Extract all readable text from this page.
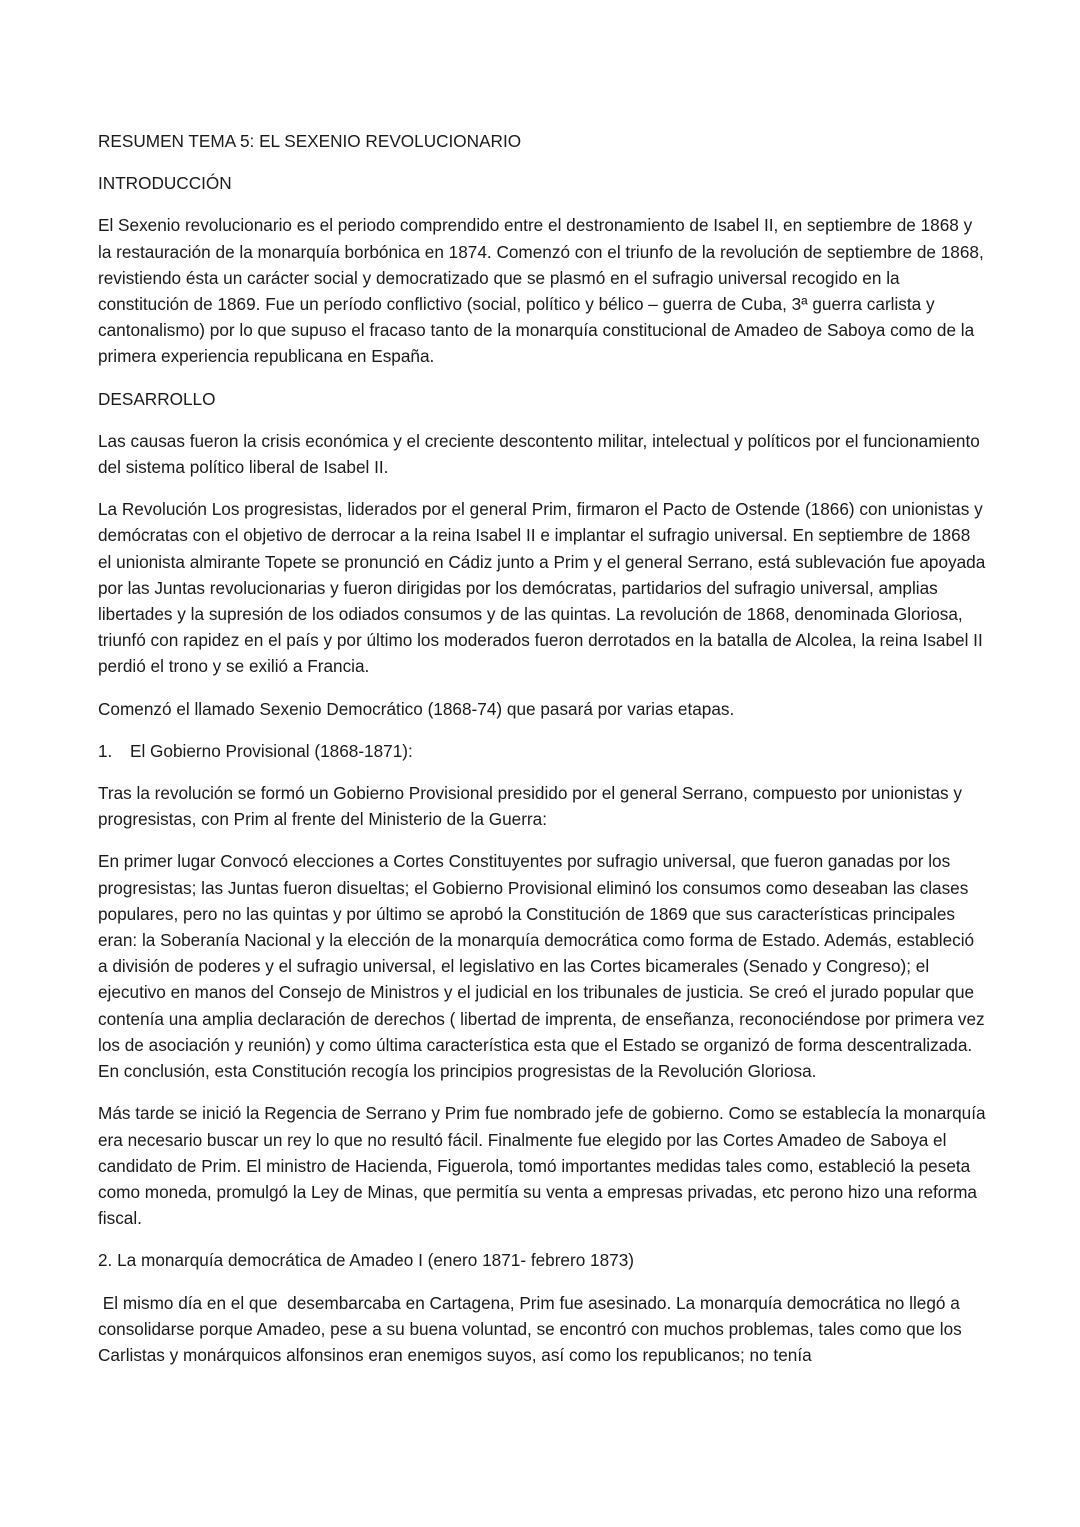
RESUMEN TEMA 5: EL SEXENIO REVOLUCIONARIO

INTRODUCCIÓN

El Sexenio revolucionario es el periodo comprendido entre el destronamiento de Isabel II, en septiembre de 1868 y la restauración de la monarquía borbónica en 1874. Comenzó con el triunfo de la revolución de septiembre de 1868, revistiendo ésta un carácter social y democratizado que se plasmó en el sufragio universal recogido en la constitución de 1869. Fue un período conflictivo (social, político y bélico – guerra de Cuba, 3ª guerra carlista y cantonalismo) por lo que supuso el fracaso tanto de la monarquía constitucional de Amadeo de Saboya como de la primera experiencia republicana en España.

DESARROLLO

Las causas fueron la crisis económica y el creciente descontento militar, intelectual y políticos por el funcionamiento del sistema político liberal de Isabel II.

La Revolución Los progresistas, liderados por el general Prim, firmaron el Pacto de Ostende (1866) con unionistas y demócratas con el objetivo de derrocar a la reina Isabel II e implantar el sufragio universal. En septiembre de 1868 el unionista almirante Topete se pronunció en Cádiz junto a Prim y el general Serrano, está sublevación fue apoyada por las Juntas revolucionarias y fueron dirigidas por los demócratas, partidarios del sufragio universal, amplias libertades y la supresión de los odiados consumos y de las quintas. La revolución de 1868, denominada Gloriosa, triunfó con rapidez en el país y por último los moderados fueron derrotados en la batalla de Alcolea, la reina Isabel II perdió el trono y se exilió a Francia.

Comenzó el llamado Sexenio Democrático (1868-74) que pasará por varias etapas.

1. El Gobierno Provisional (1868-1871):

Tras la revolución se formó un Gobierno Provisional presidido por el general Serrano, compuesto por unionistas y progresistas, con Prim al frente del Ministerio de la Guerra:

En primer lugar Convocó elecciones a Cortes Constituyentes por sufragio universal, que fueron ganadas por los progresistas; las Juntas fueron disueltas; el Gobierno Provisional eliminó los consumos como deseaban las clases populares, pero no las quintas y por último se aprobó la Constitución de 1869 que sus características principales eran: la Soberanía Nacional y la elección de la monarquía democrática como forma de Estado. Además, estableció a división de poderes y el sufragio universal, el legislativo en las Cortes bicamerales (Senado y Congreso); el ejecutivo en manos del Consejo de Ministros y el judicial en los tribunales de justicia. Se creó el jurado popular que contenía una amplia declaración de derechos ( libertad de imprenta, de enseñanza, reconociéndose por primera vez los de asociación y reunión) y como última característica esta que el Estado se organizó de forma descentralizada. En conclusión, esta Constitución recogía los principios progresistas de la Revolución Gloriosa.

Más tarde se inició la Regencia de Serrano y Prim fue nombrado jefe de gobierno. Como se establecía la monarquía era necesario buscar un rey lo que no resultó fácil. Finalmente fue elegido por las Cortes Amadeo de Saboya el candidato de Prim. El ministro de Hacienda, Figuerola, tomó importantes medidas tales como, estableció la peseta como moneda, promulgó la Ley de Minas, que permitía su venta a empresas privadas, etc perono hizo una reforma fiscal.

2. La monarquía democrática de Amadeo I (enero 1871- febrero 1873)

El mismo día en el que  desembarcaba en Cartagena, Prim fue asesinado. La monarquía democrática no llegó a consolidarse porque Amadeo, pese a su buena voluntad, se encontró con muchos problemas, tales como que los Carlistas y monárquicos alfonsinos eran enemigos suyos, así como los republicanos; no tenía
